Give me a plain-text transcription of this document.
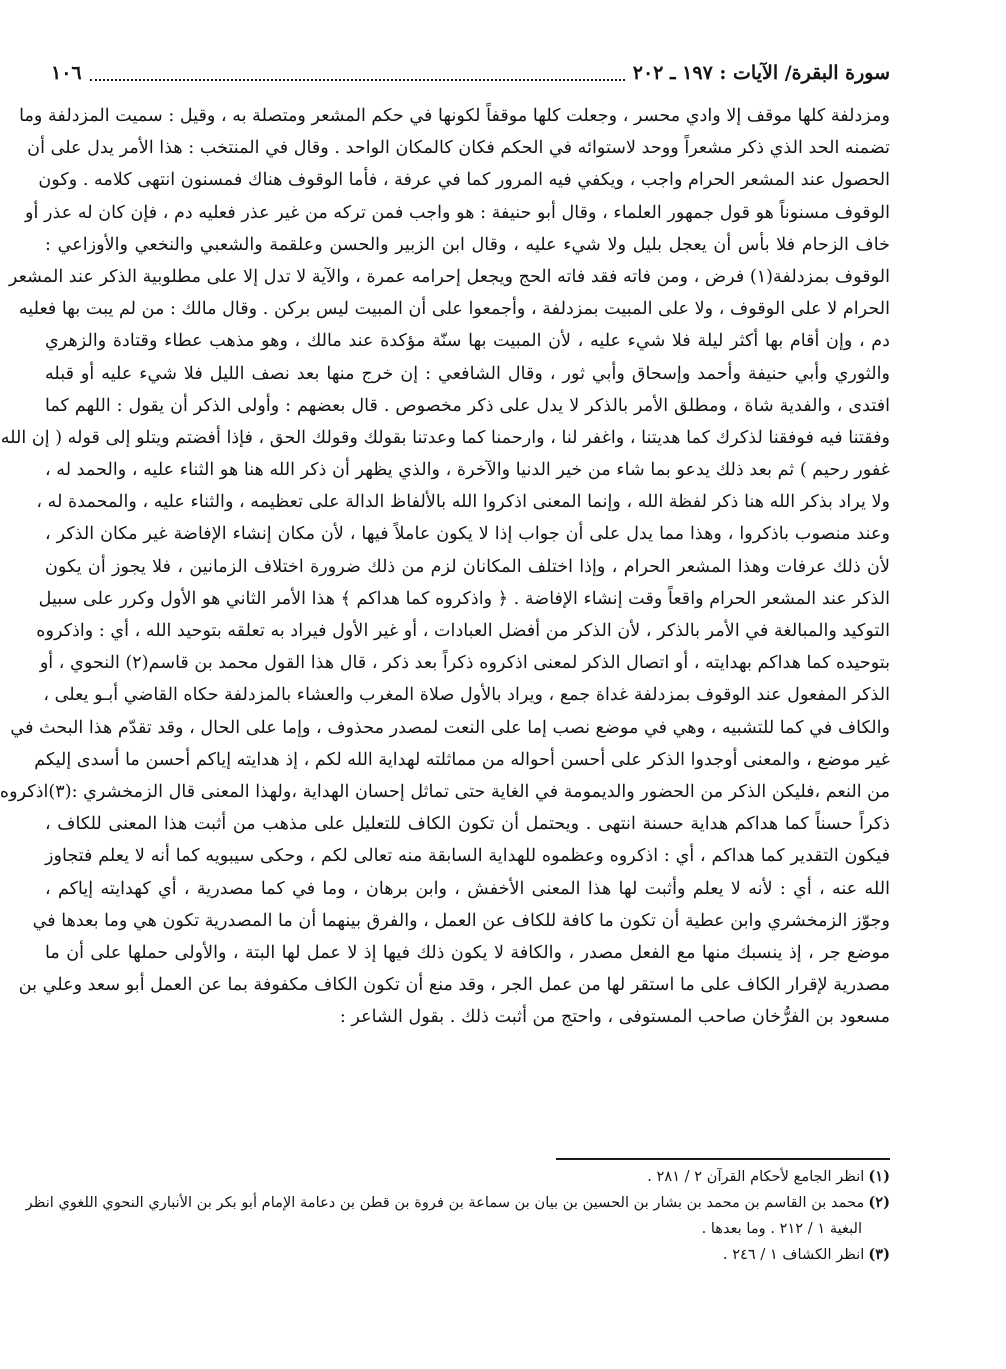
سورة البقرة/ الآيات : ١٩٧ ـ ٢٠٢
١٠٦
ومزدلفة كلها موقف إلا وادي محسر ، وجعلت كلها موقفاً لكونها في حكم المشعر ومتصلة به ، وقيل : سميت المزدلفة وما
تضمنه الحد الذي ذكر مشعراً ووحد لاستوائه في الحكم فكان كالمكان الواحد . وقال في المنتخب : هذا الأمر يدل على أن
الحصول عند المشعر الحرام واجب ، ويكفي فيه المرور كما في عرفة ، فأما الوقوف هناك فمسنون انتهى كلامه . وكون
الوقوف مسنوناً هو قول جمهور العلماء ، وقال أبو حنيفة : هو واجب فمن تركه من غير عذر فعليه دم ، فإن كان له عذر أو
خاف الزحام فلا بأس أن يعجل بليل ولا شيء عليه ، وقال ابن الزبير والحسن وعلقمة والشعبي والنخعي والأوزاعي :
الوقوف بمزدلفة(١) فرض ، ومن فاته فقد فاته الحج ويجعل إحرامه عمرة ، والآية لا تدل إلا على مطلوبية الذكر عند المشعر
الحرام لا على الوقوف ، ولا على المبيت بمزدلفة ، وأجمعوا على أن المبيت ليس بركن . وقال مالك : من لم يبت بها فعليه
دم ، وإن أقام بها أكثر ليلة فلا شيء عليه ، لأن المبيت بها سنّة مؤكدة عند مالك ، وهو مذهب عطاء وقتادة والزهري
والثوري وأبي حنيفة وأحمد وإسحاق وأبي ثور ، وقال الشافعي : إن خرج منها بعد نصف الليل فلا شيء عليه أو قبله
افتدى ، والفدية شاة ، ومطلق الأمر بالذكر لا يدل على ذكر مخصوص . قال بعضهم : وأولى الذكر أن يقول : اللهم كما
وفقتنا فيه فوفقنا لذكرك كما هديتنا ، واغفر لنا ، وارحمنا كما وعدتنا بقولك وقولك الحق ، فإذا أفضتم ويتلو إلى قوله ( إن الله
غفور رحيم ) ثم بعد ذلك يدعو بما شاء من خير الدنيا والآخرة ، والذي يظهر أن ذكر الله هنا هو الثناء عليه ، والحمد له ،
ولا يراد بذكر الله هنا ذكر لفظة الله ، وإنما المعنى اذكروا الله بالألفاظ الدالة على تعظيمه ، والثناء عليه ، والمحمدة له ،
وعند منصوب باذكروا ، وهذا مما يدل على أن جواب إذا لا يكون عاملاً فيها ، لأن مكان إنشاء الإفاضة غير مكان الذكر ،
لأن ذلك عرفات وهذا المشعر الحرام ، وإذا اختلف المكانان لزم من ذلك ضرورة اختلاف الزمانين ، فلا يجوز أن يكون
الذكر عند المشعر الحرام واقعاً وقت إنشاء الإفاضة . ﴿ واذكروه كما هداكم ﴾ هذا الأمر الثاني هو الأول وكرر على سبيل
التوكيد والمبالغة في الأمر بالذكر ، لأن الذكر من أفضل العبادات ، أو غير الأول فيراد به تعلقه بتوحيد الله ، أي : واذكروه
بتوحيده كما هداكم بهدايته ، أو اتصال الذكر لمعنى اذكروه ذكراً بعد ذكر ، قال هذا القول محمد بن قاسم(٢) النحوي ، أو
الذكر المفعول عند الوقوف بمزدلفة غداة جمع ، ويراد بالأول صلاة المغرب والعشاء بالمزدلفة حكاه القاضي أبـو يعلى ،
والكاف في كما للتشبيه ، وهي في موضع نصب إما على النعت لمصدر محذوف ، وإما على الحال ، وقد تقدّم هذا البحث في
غير موضع ، والمعنى أوجدوا الذكر على أحسن أحواله من مماثلته لهداية الله لكم ، إذ هدايته إياكم أحسن ما أسدى إليكم
من النعم ،فليكن الذكر من الحضور والديمومة في الغاية حتى تماثل إحسان الهداية ،ولهذا المعنى قال الزمخشري :(٣)اذكروه
ذكراً حسناً كما هداكم هداية حسنة انتهى . ويحتمل أن تكون الكاف للتعليل على مذهب من أثبت هذا المعنى للكاف ،
فيكون التقدير كما هداكم ، أي : اذكروه وعظموه للهداية السابقة منه تعالى لكم ، وحكى سيبويه كما أنه لا يعلم فتجاوز
الله عنه ، أي : لأنه لا يعلم وأثبت لها هذا المعنى الأخفش ، وابن برهان ، وما في كما مصدرية ، أي كهدايته إياكم ،
وجوّز الزمخشري وابن عطية أن تكون ما كافة للكاف عن العمل ، والفرق بينهما أن ما المصدرية تكون هي وما بعدها في
موضع جر ، إذ ينسبك منها مع الفعل مصدر ، والكافة لا يكون ذلك فيها إذ لا عمل لها البتة ، والأولى حملها على أن ما
مصدرية لإقرار الكاف على ما استقر لها من عمل الجر ، وقد منع أن تكون الكاف مكفوفة بما عن العمل أبو سعد وعلي بن
مسعود بن الفرُّخان صاحب المستوفى ، واحتج من أثبت ذلك . بقول الشاعر :
(١)انظر الجامع لأحكام القرآن ٢ / ٢٨١ .
(٢)محمد بن القاسم بن محمد بن بشار بن الحسين بن بيان بن سماعة بن فروة بن قطن بن دعامة الإمام أبو بكر بن الأنباري النحوي اللغوي انظر
البغية ١ / ٢١٢ . وما بعدها .
(٣)انظر الكشاف ١ / ٢٤٦ .
